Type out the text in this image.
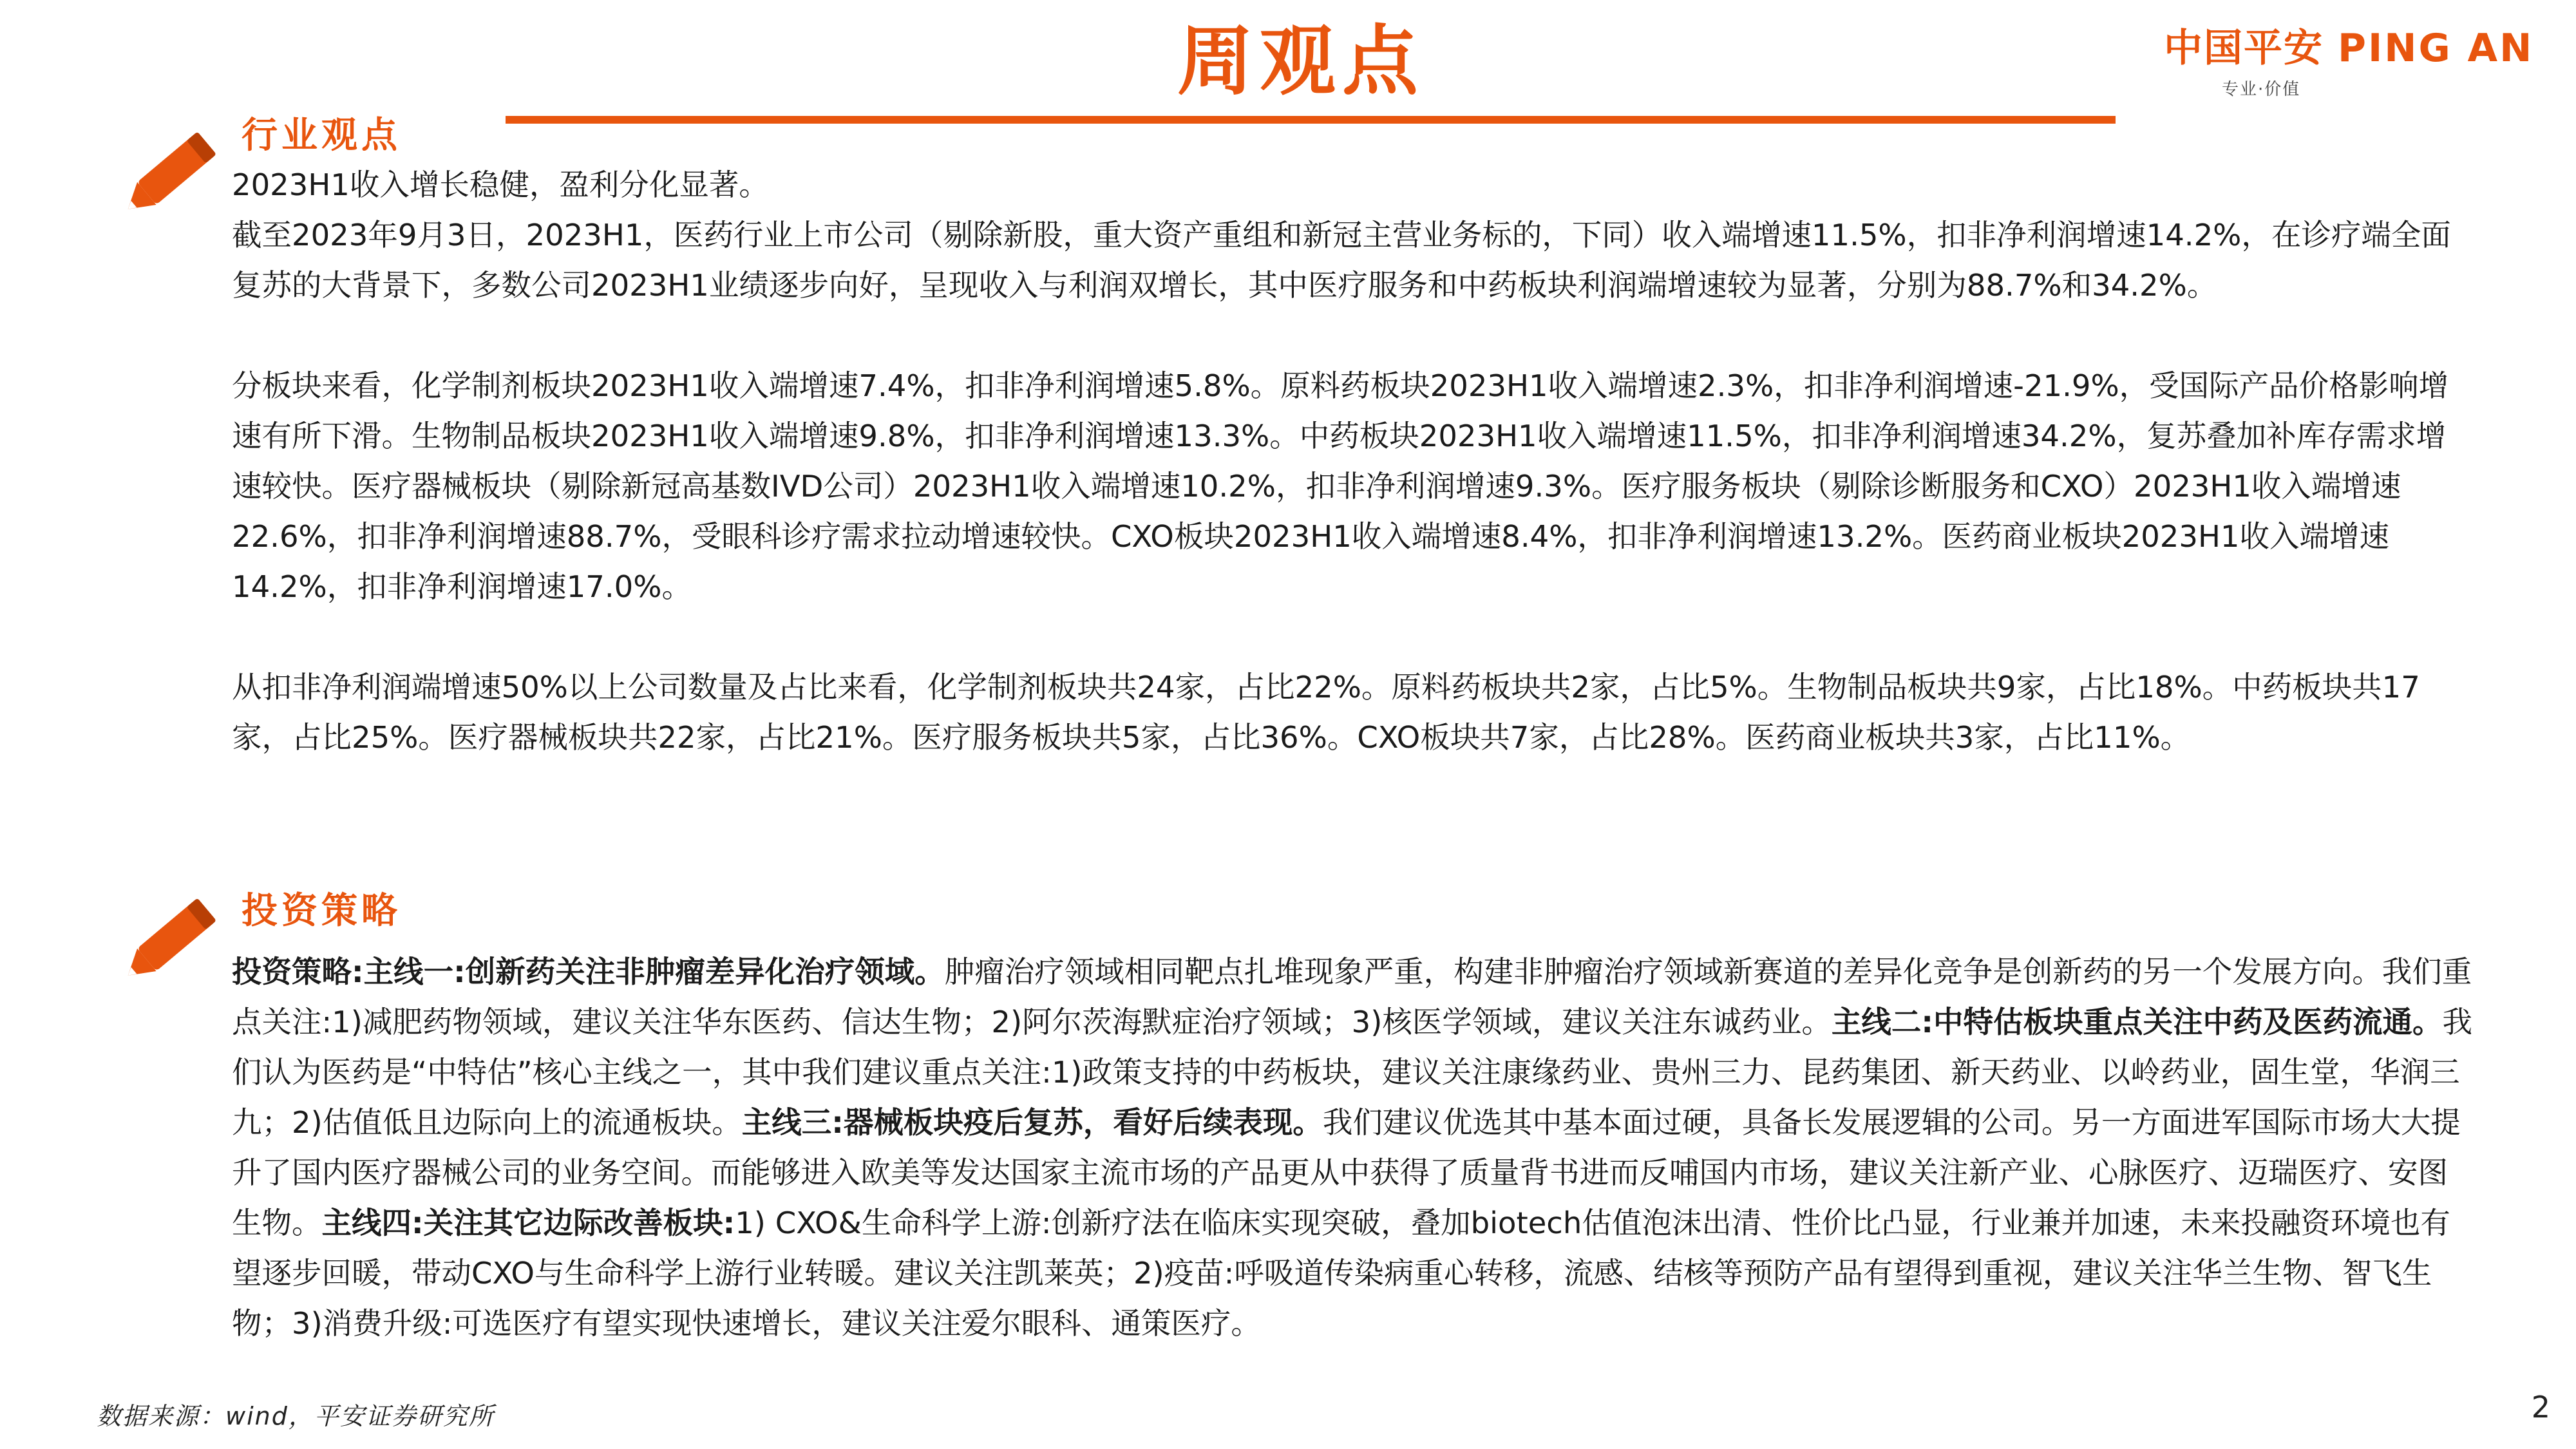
周观点	中国平安 PING AN
专业·价值
行业观点

2023H1收入增长稳健，盈利分化显著。

截至2023年9月3日，2023H1，医药行业上市公司（剔除新股，重大资产重组和新冠主营业务标的，下同）收入端增速11.5%，扣非净利润增速14.2%，在诊疗端全面复苏的大背景下，多数公司2023H1业绩逐步向好，呈现收入与利润双增长，其中医疗服务和中药板块利润端增速较为显著，分别为88.7%和34.2%。

分板块来看，化学制剂板块2023H1收入端增速7.4%，扣非净利润增速5.8%。原料药板块2023H1收入端增速2.3%，扣非净利润增速-21.9%，受国际产品价格影响增速有所下滑。生物制品板块2023H1收入端增速9.8%，扣非净利润增速13.3%。中药板块2023H1收入端增速11.5%，扣非净利润增速34.2%，复苏叠加补库存需求增速较快。医疗器械板块（剔除新冠高基数IVD公司）2023H1收入端增速10.2%，扣非净利润增速9.3%。医疗服务板块（剔除诊断服务和CXO）2023H1收入端增速22.6%，扣非净利润增速88.7%，受眼科诊疗需求拉动增速较快。CXO板块2023H1收入端增速8.4%，扣非净利润增速13.2%。医药商业板块2023H1收入端增速14.2%，扣非净利润增速17.0%。

从扣非净利润端增速50%以上公司数量及占比来看，化学制剂板块共24家，占比22%。原料药板块共2家，占比5%。生物制品板块共9家，占比18%。中药板块共17家，占比25%。医疗器械板块共22家，占比21%。医疗服务板块共5家，占比36%。CXO板块共7家，占比28%。医药商业板块共3家，占比11%。

投资策略

投资策略:主线一:创新药关注非肿瘤差异化治疗领域。肿瘤治疗领域相同靶点扎堆现象严重，构建非肿瘤治疗领域新赛道的差异化竞争是创新药的另一个发展方向。我们重点关注:1)减肥药物领域，建议关注华东医药、信达生物；2)阿尔茨海默症治疗领域；3)核医学领域，建议关注东诚药业。主线二:中特估板块重点关注中药及医药流通。我们认为医药是“中特估”核心主线之一，其中我们建议重点关注:1)政策支持的中药板块，建议关注康缘药业、贵州三力、昆药集团、新天药业、以岭药业，固生堂，华润三九；2)估值低且边际向上的流通板块。主线三:器械板块疫后复苏，看好后续表现。我们建议优选其中基本面过硬，具备长发展逻辑的公司。另一方面进军国际市场大大提升了国内医疗器械公司的业务空间。而能够进入欧美等发达国家主流市场的产品更从中获得了质量背书进而反哺国内市场，建议关注新产业、心脉医疗、迈瑞医疗、安图生物。主线四:关注其它边际改善板块:1) CXO&生命科学上游:创新疗法在临床实现突破，叠加biotech估值泡沫出清、性价比凸显，行业兼并加速，未来投融资环境也有望逐步回暖，带动CXO与生命科学上游行业转暖。建议关注凯莱英；2)疫苗:呼吸道传染病重心转移，流感、结核等预防产品有望得到重视，建议关注华兰生物、智飞生物；3)消费升级:可选医疗有望实现快速增长，建议关注爱尔眼科、通策医疗。

数据来源：wind，平安证券研究所	2
